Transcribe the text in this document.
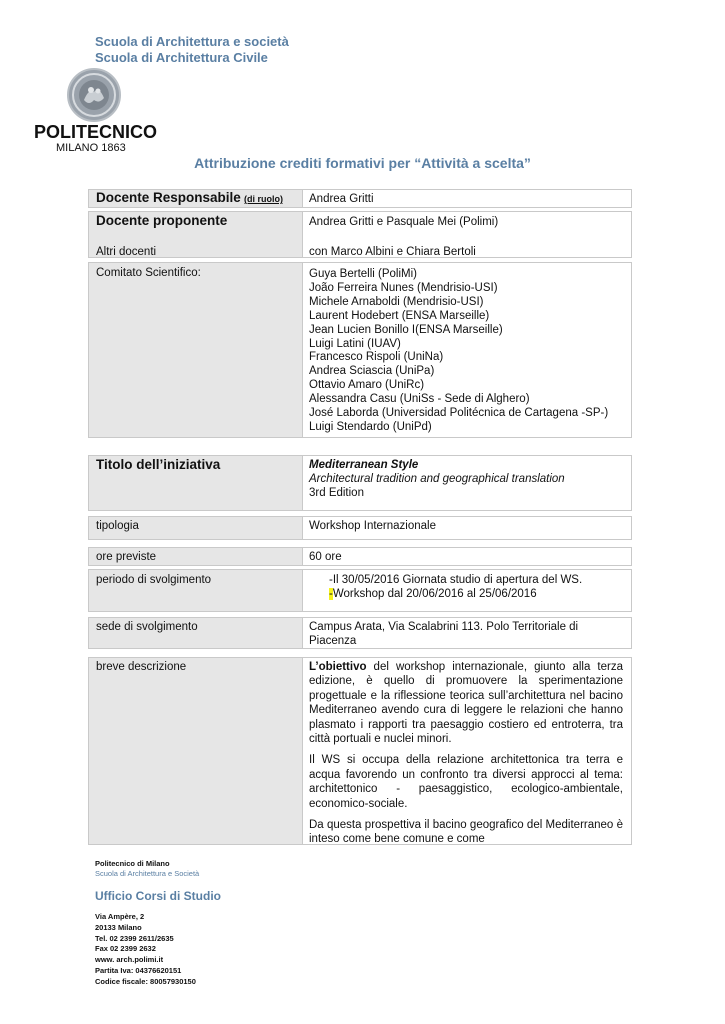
Scuola di Architettura e società
Scuola di Architettura Civile
POLITECNICO
MILANO 1863
Attribuzione crediti formativi per “Attività a scelta”
Docente Responsabile (di ruolo) Andrea Gritti
Docente proponente	Andrea Gritti e Pasquale Mei (Polimi)
Altri docenti	con Marco Albini e Chiara Bertoli
Comitato Scientifico:	Guya Bertelli (PoliMi)
João Ferreira Nunes (Mendrisio-USI)
Michele Arnaboldi (Mendrisio-USI)
Laurent Hodebert (ENSA Marseille)
Jean Lucien Bonillo I(ENSA Marseille)
Luigi Latini (IUAV)
Francesco Rispoli (UniNa)
Andrea Sciascia (UniPa)
Ottavio Amaro (UniRc)
Alessandra Casu (UniSs - Sede di Alghero)
José Laborda (Universidad Politécnica de Cartagena -SP-)
Luigi Stendardo (UniPd)
Titolo dell’iniziativa	Mediterranean Style
Architectural tradition and geographical translation
3rd Edition
tipologia	Workshop Internazionale
ore previste	60 ore
periodo di svolgimento	-Il 30/05/2016 Giornata studio di apertura del WS.
-Workshop dal 20/06/2016 al 25/06/2016
sede di svolgimento	Campus Arata, Via Scalabrini 113. Polo Territoriale di
Piacenza
breve descrizione	L’obiettivo del workshop internazionale, giunto alla terza edizione, è quello di promuovere la sperimentazione progettuale e la riflessione teorica sull’architettura nel bacino Mediterraneo avendo cura di leggere le relazioni che hanno plasmato i rapporti tra paesaggio costiero ed entroterra, tra città portuali e nuclei minori.

Il WS si occupa della relazione architettonica tra terra e acqua favorendo un confronto tra diversi approcci al tema: architettonico - paesaggistico, ecologico-ambientale, economico-sociale.

Da questa prospettiva il bacino geografico del Mediterraneo è inteso come bene comune e come

Politecnico di Milano
Scuola di Architettura e Società
Ufficio Corsi di Studio
Via Ampère, 2
20133 Milano
Tel. 02 2399 2611/2635
Fax 02 2399 2632
www. arch.polimi.it
Partita Iva: 04376620151
Codice fiscale: 80057930150
